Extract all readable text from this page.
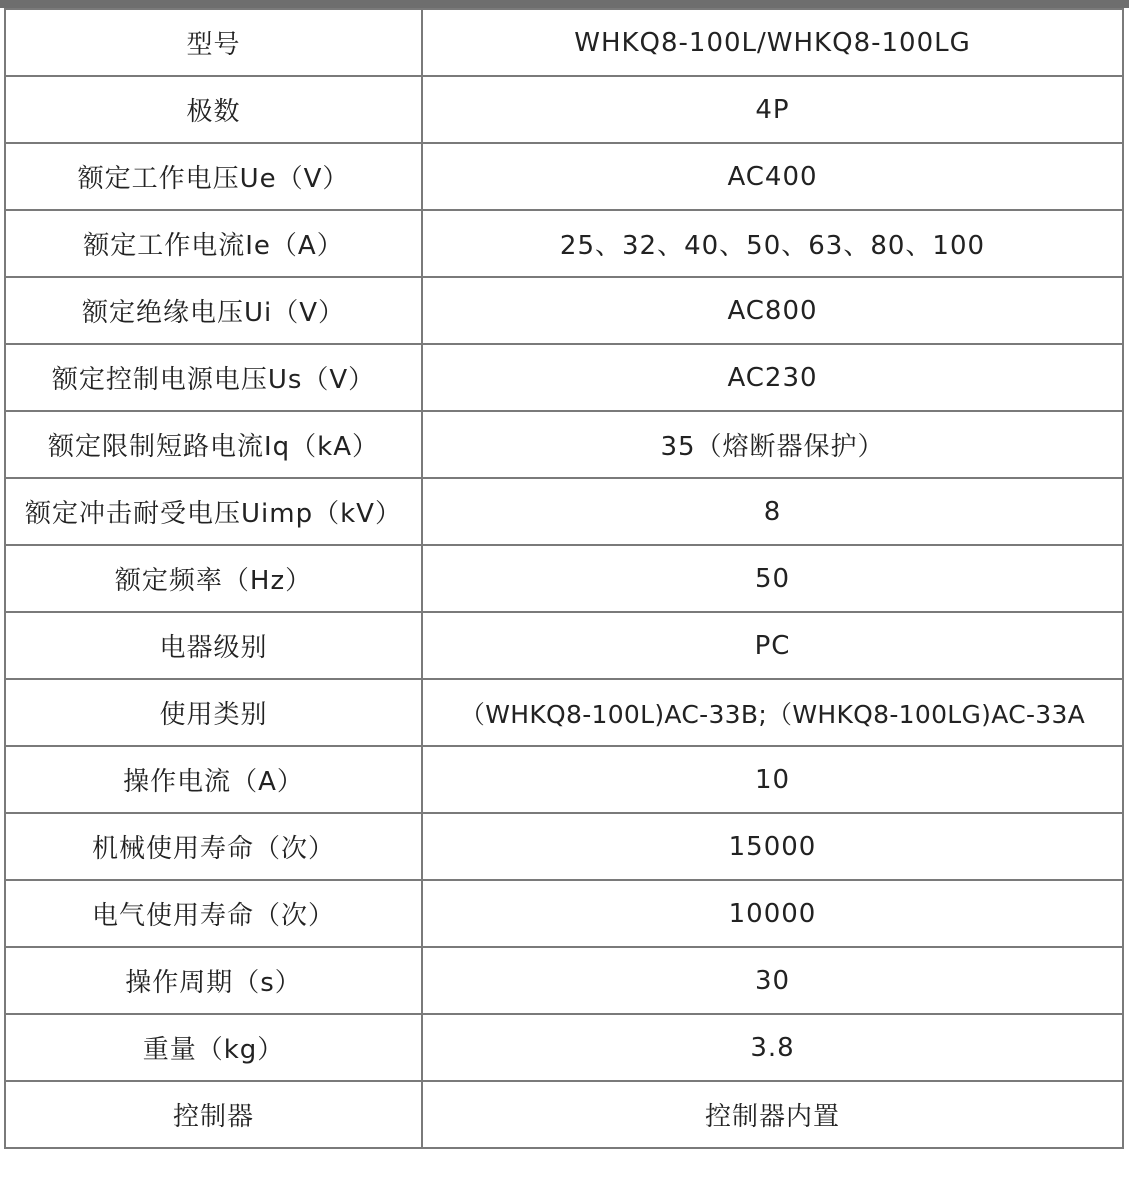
型号	WHKQ8-100L/WHKQ8-100LG
极数	4P
额定工作电压Ue（V）	AC400
额定工作电流Ie（A）	25、32、40、50、63、80、100
额定绝缘电压Ui（V）	AC800
额定控制电源电压Us（V）	AC230
额定限制短路电流Iq（kA）	35（熔断器保护）
额定冲击耐受电压Uimp（kV）	8
额定频率（Hz）	50
电器级别	PC
使用类别	（WHKQ8-100L)AC-33B;（WHKQ8-100LG)AC-33A
操作电流（A）	10
机械使用寿命（次）	15000
电气使用寿命（次）	10000
操作周期（s）	30
重量（kg）	3.8
控制器	控制器内置
